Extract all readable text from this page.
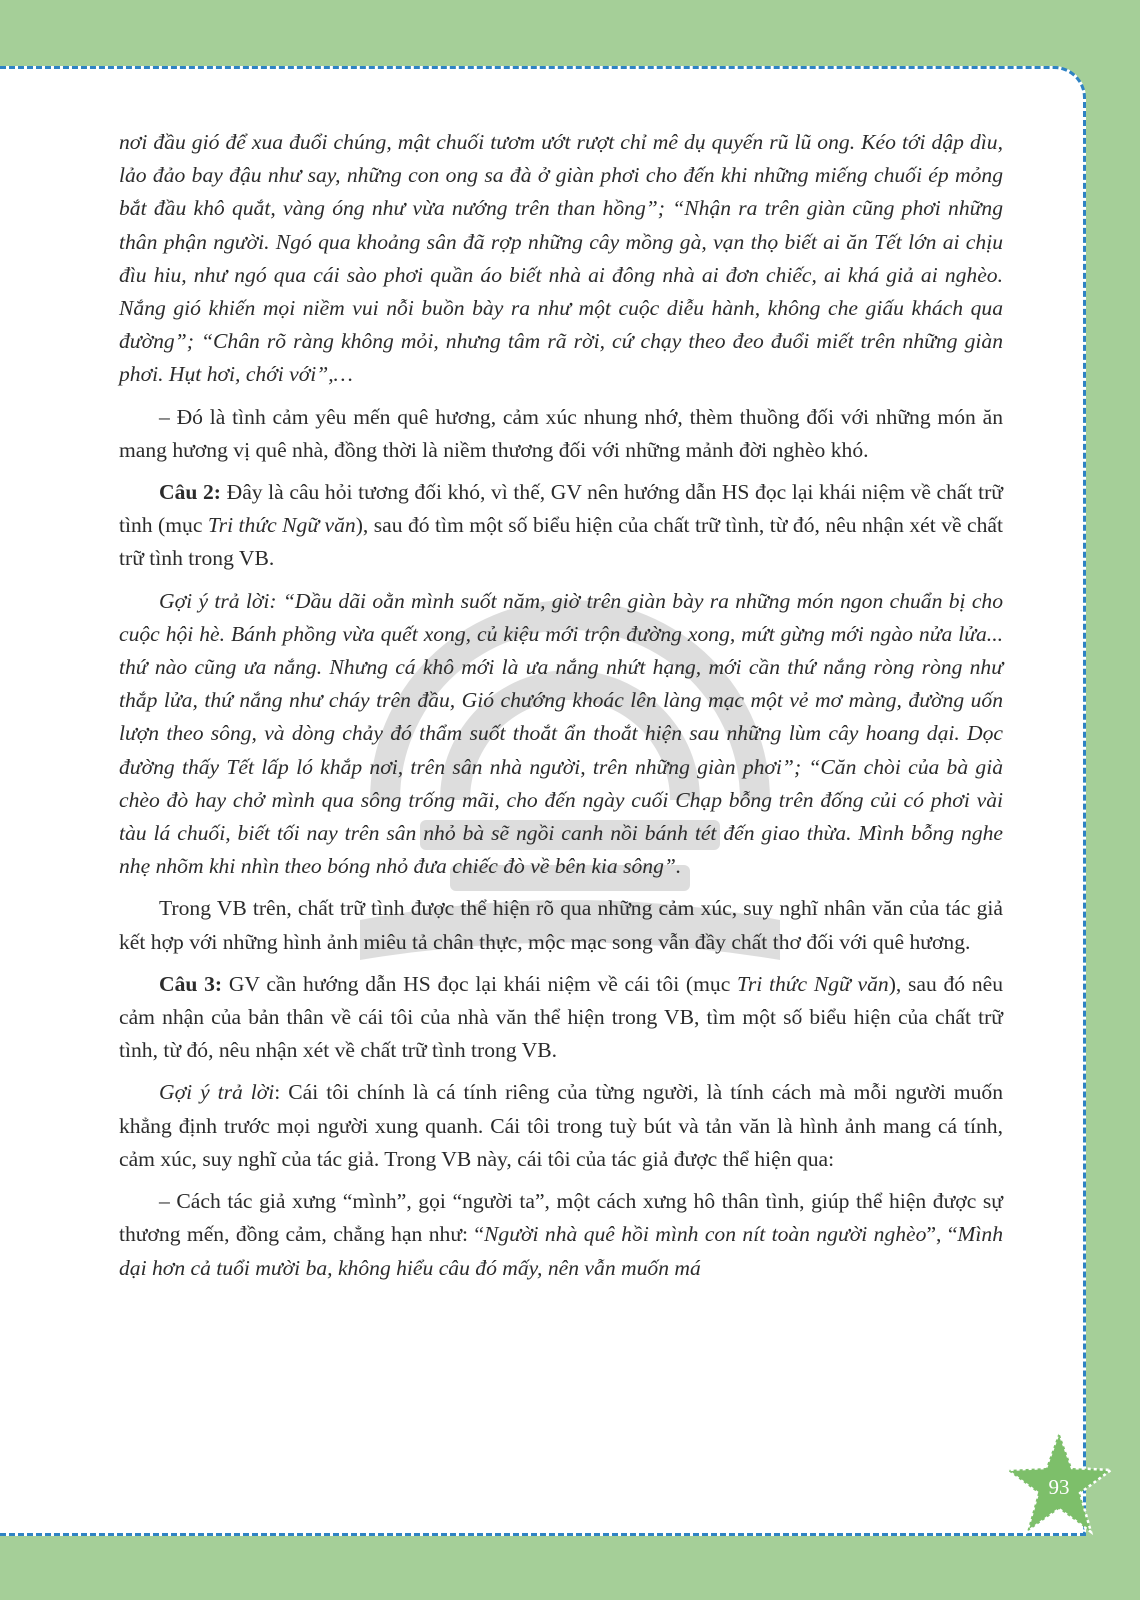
nơi đầu gió để xua đuổi chúng, mật chuối tươm ướt rượt chỉ mê dụ quyến rũ lũ ong. Kéo tới dập dìu, lảo đảo bay đậu như say, những con ong sa đà ở giàn phơi cho đến khi những miếng chuối ép mỏng bắt đầu khô quắt, vàng óng như vừa nướng trên than hồng”; “Nhận ra trên giàn cũng phơi những thân phận người. Ngó qua khoảng sân đã rợp những cây mồng gà, vạn thọ biết ai ăn Tết lớn ai chịu đìu hiu, như ngó qua cái sào phơi quần áo biết nhà ai đông nhà ai đơn chiếc, ai khá giả ai nghèo. Nắng gió khiến mọi niềm vui nỗi buồn bày ra như một cuộc diễu hành, không che giấu khách qua đường”; “Chân rõ ràng không mỏi, nhưng tâm rã rời, cứ chạy theo đeo đuổi miết trên những giàn phơi. Hụt hơi, chới với”,…

– Đó là tình cảm yêu mến quê hương, cảm xúc nhung nhớ, thèm thuồng đối với những món ăn mang hương vị quê nhà, đồng thời là niềm thương đối với những mảnh đời nghèo khó.

Câu 2: Đây là câu hỏi tương đối khó, vì thế, GV nên hướng dẫn HS đọc lại khái niệm về chất trữ tình (mục Tri thức Ngữ văn), sau đó tìm một số biểu hiện của chất trữ tình, từ đó, nêu nhận xét về chất trữ tình trong VB.

Gợi ý trả lời: “Dầu dãi oằn mình suốt năm, giờ trên giàn bày ra những món ngon chuẩn bị cho cuộc hội hè. Bánh phồng vừa quết xong, củ kiệu mới trộn đường xong, mứt gừng mới ngào nửa lửa... thứ nào cũng ưa nắng. Nhưng cá khô mới là ưa nắng nhứt hạng, mới cần thứ nắng ròng ròng như thắp lửa, thứ nắng như cháy trên đầu, Gió chướng khoác lên làng mạc một vẻ mơ màng, đường uốn lượn theo sông, và dòng chảy đó thẩm suốt thoắt ẩn thoắt hiện sau những lùm cây hoang dại. Dọc đường thấy Tết lấp ló khắp nơi, trên sân nhà người, trên những giàn phơi”; “Căn chòi của bà già chèo đò hay chở mình qua sông trống mãi, cho đến ngày cuối Chạp bỗng trên đống củi có phơi vài tàu lá chuối, biết tối nay trên sân nhỏ bà sẽ ngồi canh nồi bánh tét đến giao thừa. Mình bỗng nghe nhẹ nhõm khi nhìn theo bóng nhỏ đưa chiếc đò về bên kia sông”.

Trong VB trên, chất trữ tình được thể hiện rõ qua những cảm xúc, suy nghĩ nhân văn của tác giả kết hợp với những hình ảnh miêu tả chân thực, mộc mạc song vẫn đầy chất thơ đối với quê hương.

Câu 3: GV cần hướng dẫn HS đọc lại khái niệm về cái tôi (mục Tri thức Ngữ văn), sau đó nêu cảm nhận của bản thân về cái tôi của nhà văn thể hiện trong VB, tìm một số biểu hiện của chất trữ tình, từ đó, nêu nhận xét về chất trữ tình trong VB.

Gợi ý trả lời: Cái tôi chính là cá tính riêng của từng người, là tính cách mà mỗi người muốn khẳng định trước mọi người xung quanh. Cái tôi trong tuỳ bút và tản văn là hình ảnh mang cá tính, cảm xúc, suy nghĩ của tác giả. Trong VB này, cái tôi của tác giả được thể hiện qua:

– Cách tác giả xưng “mình”, gọi “người ta”, một cách xưng hô thân tình, giúp thể hiện được sự thương mến, đồng cảm, chẳng hạn như: “Người nhà quê hồi mình con nít toàn người nghèo”, “Mình dại hơn cả tuổi mười ba, không hiểu câu đó mấy, nên vẫn muốn má

93
